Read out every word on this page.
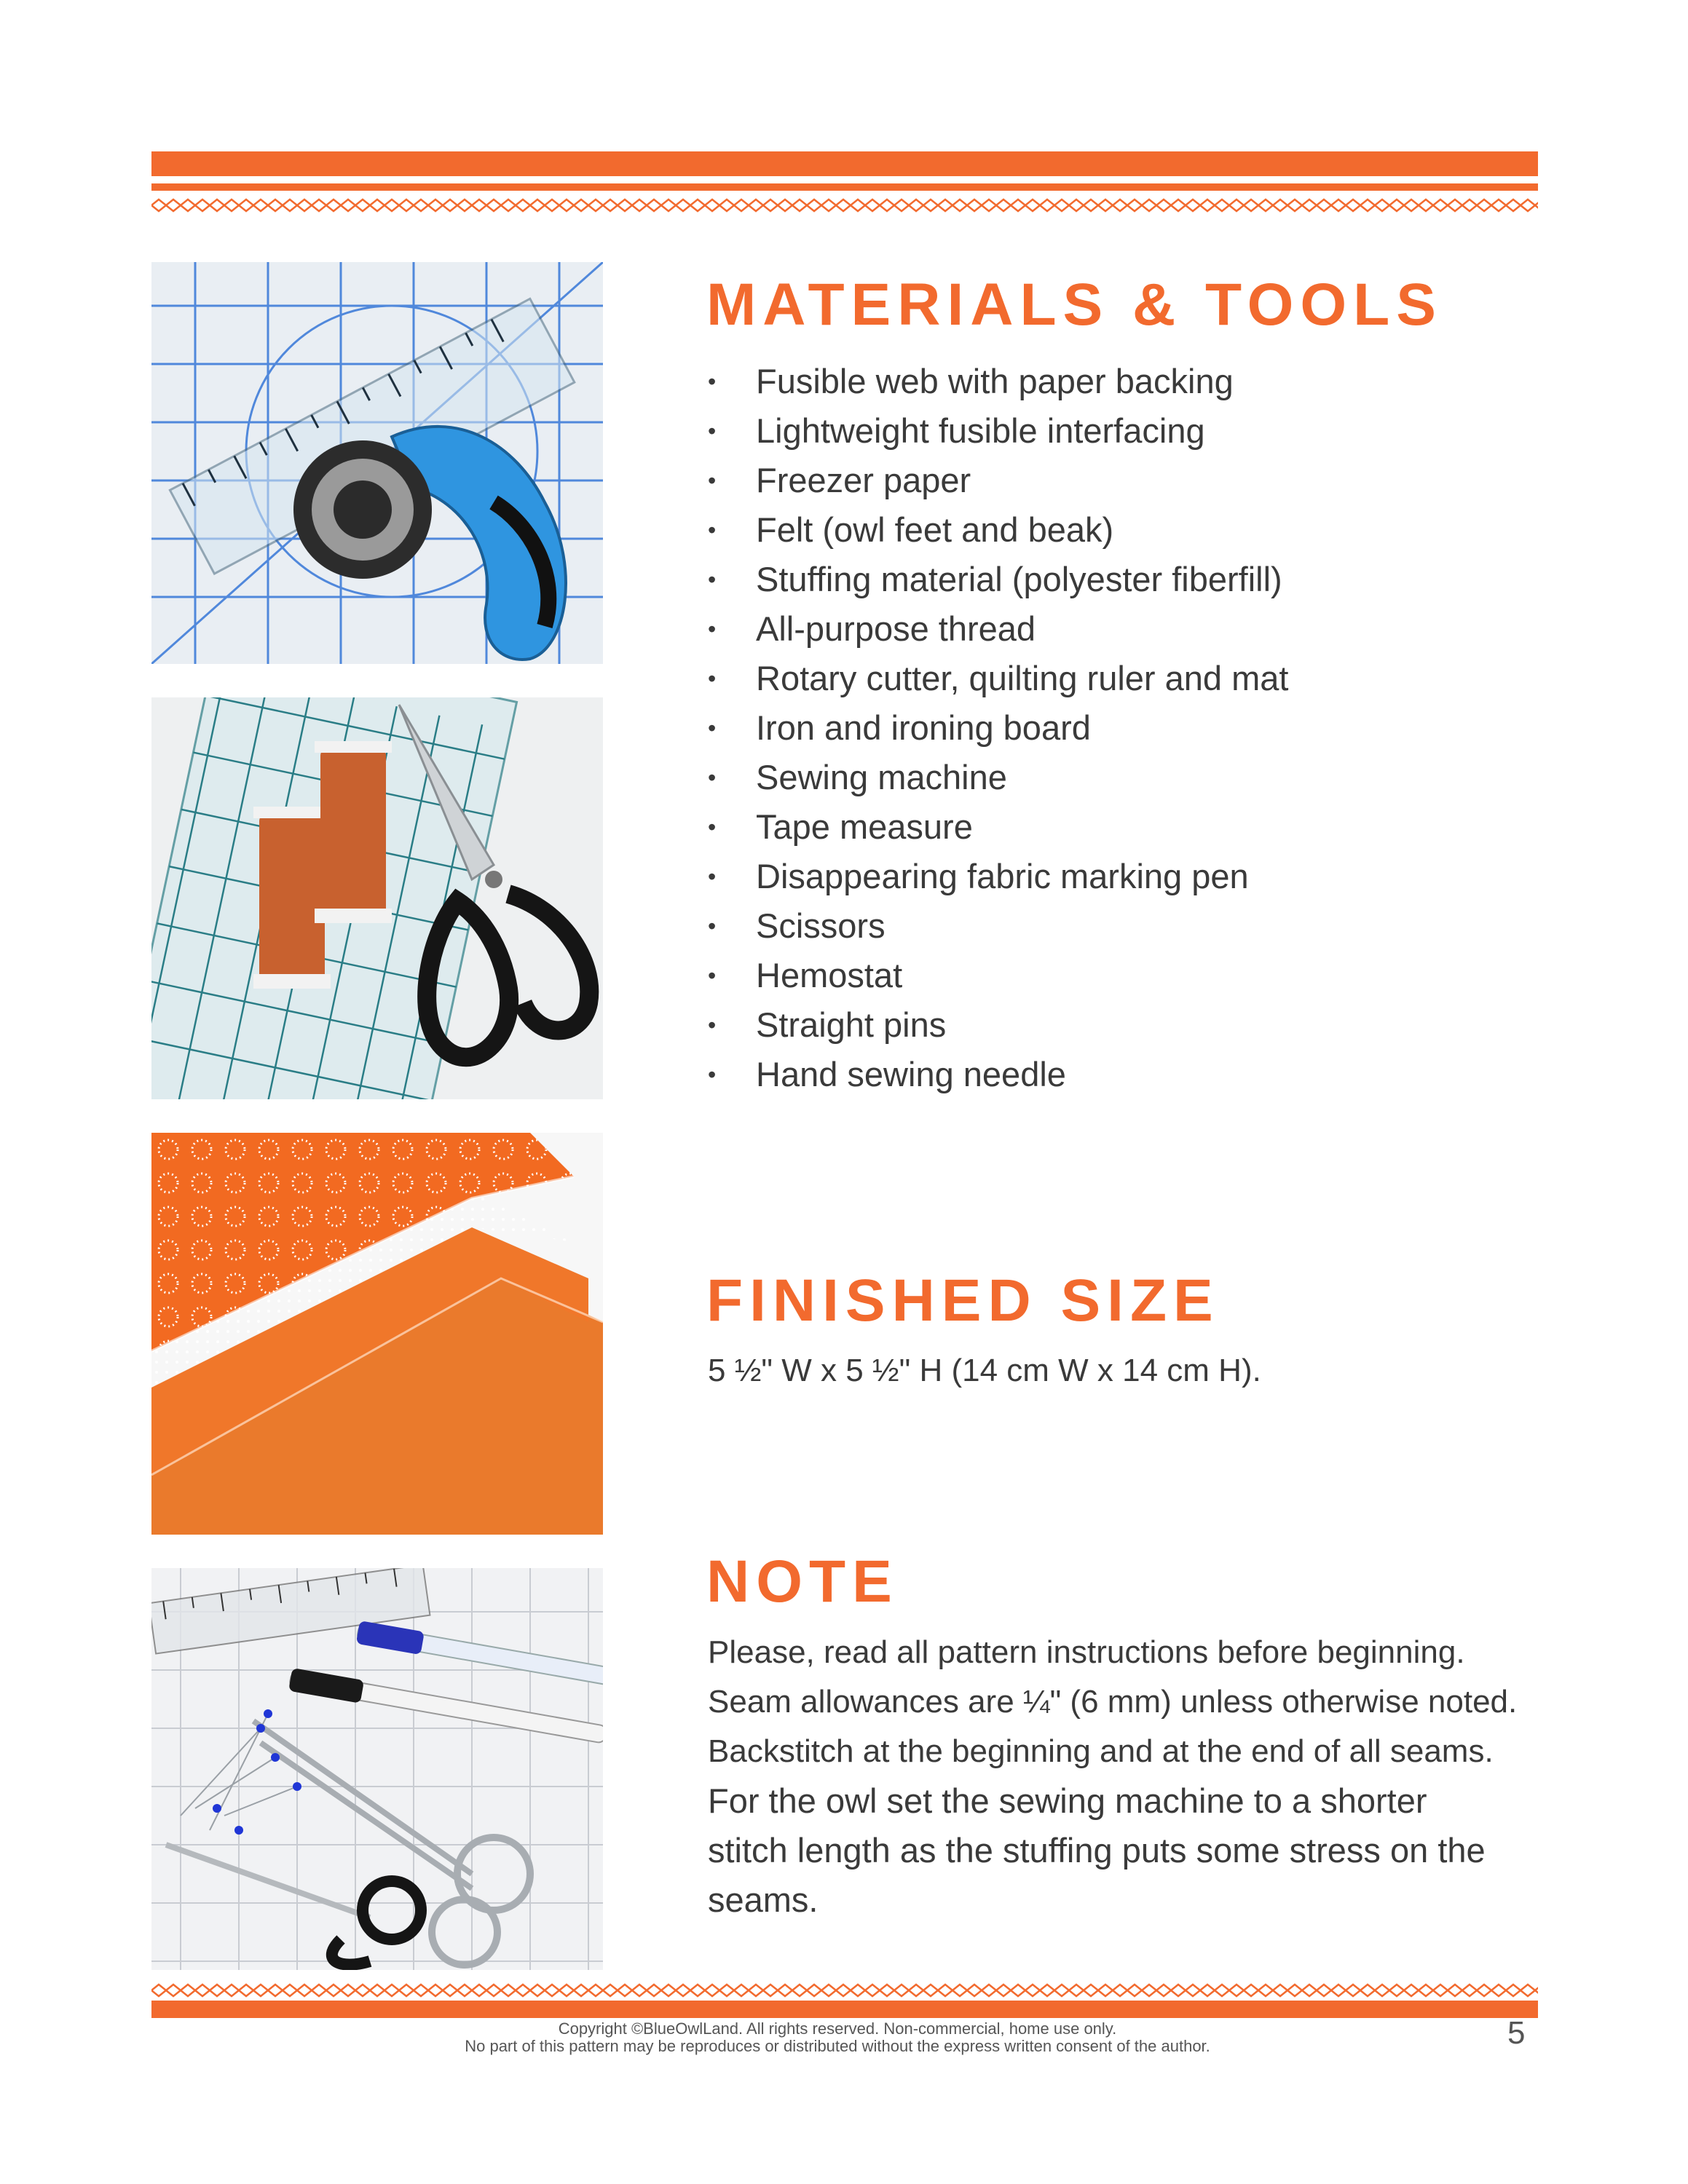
MATERIALS & TOOLS
• Fusible web with paper backing
• Lightweight fusible interfacing
• Freezer paper
• Felt (owl feet and beak)
• Stuffing material (polyester fiberfill)
• All-purpose thread
• Rotary cutter, quilting ruler and mat
• Iron and ironing board
• Sewing machine
• Tape measure
• Disappearing fabric marking pen
• Scissors
• Hemostat
• Straight pins
• Hand sewing needle
FINISHED SIZE
5 ½" W x 5 ½" H (14 cm W x 14 cm H).
NOTE
Please, read all pattern instructions before beginning.
Seam allowances are ¼" (6 mm) unless otherwise noted.
Backstitch at the beginning and at the end of all seams.
For the owl set the sewing machine to a shorter
stitch length as the stuffing puts some stress on the
seams.
Copyright ©BlueOwlLand. All rights reserved. Non-commercial, home use only.
No part of this pattern may be reproduces or distributed without the express written consent of the author.	5
